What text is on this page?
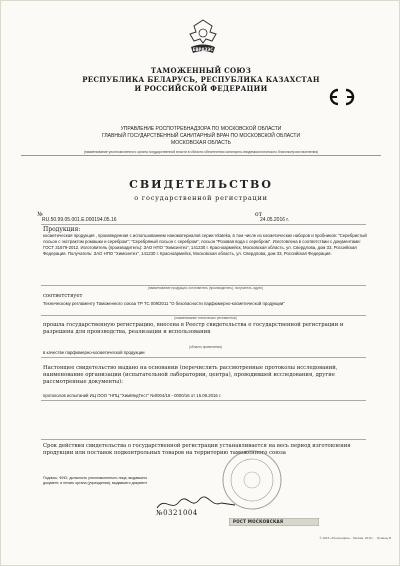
ЕВРАЗЭС
ТАМОЖЕННЫЙ СОЮЗ
РЕСПУБЛИКА БЕЛАРУСЬ, РЕСПУБЛИКА КАЗАХСТАН
И РОССИЙСКОЙ ФЕДЕРАЦИИ
УПРАВЛЕНИЕ РОСПОТРЕБНАДЗОРА ПО МОСКОВСКОЙ ОБЛАСТИ
ГЛАВНЫЙ ГОСУДАРСТВЕННЫЙ САНИТАРНЫЙ ВРАЧ ПО МОСКОВСКОЙ ОБЛАСТИ
МОСКОВСКАЯ ОБЛАСТЬ
(наименование уполномоченного органа государственной власти в области обеспечения санитарно-эпидемиологического благополучия населения)
СВИДЕТЕЛЬСТВО
о государственной регистрации
№
RU.50.99.05.001.Е.000194.05.16
от
24.05.2016 г.
Продукция:
косметическая продукция , произведенная с использованием наноматериалов серии Vitateka, в том числе из косметических наборов и пробников: "Серебристый лосьон с экстрактом ромашки и серебром"; "Серебряный лосьон с серебром", лосьон "Розовая вода с серебром". Изготовлена в соответствии с документами: ГОСТ 31679-2012. Изготовитель (производитель): ЗАО НПО "Химсинтез", 141230 г. Красноармейск, Московская область, ул. Свердлова, дом 33, Российская Федерация. Получатель: ЗАО НПО "Химсинтез", 141230 г. Красноармейск, Московская область, ул. Свердлова, дом 33, Российская Федерация.
(наименование продукции, изготовитель (производитель), получатель, адрес)
соответствует
Техническому регламенту Таможенного союза ТР ТС 009/2011 "О безопасности парфюмерно-косметической продукции"
(наименование технических регламентов)
прошла государственную регистрацию, внесена в Реестр свидетельства о государственной регистрации и разрешена для производства, реализации и использования
(область применения)
в качестве парфюмерно-косметической продукции
Настоящее свидетельство выдано на основании (перечислить рассмотренные протоколы исследований, наименование организации (испытательной лаборатории, центра), проводившей исследования, другие рассмотренные документы):
протоколов испытаний ИЦ ООО "НПЦ "ХимМедТест" №0004/16 - 0000/16 от 15.08.2016 г.
Срок действия свидетельства о государственной регистрации устанавливается на весь период изготовления продукции или поставок подконтрольных товаров на территорию таможенного союза
Подпись, ФИО, должность уполномоченного лица, выдавшего документ, и печать органа (учреждения), выдавшего документ
№0321004
РОСТ МОСКОВСКАЯ
© 2016 «Типография» · Москва, 2016 г. · Уровень В
